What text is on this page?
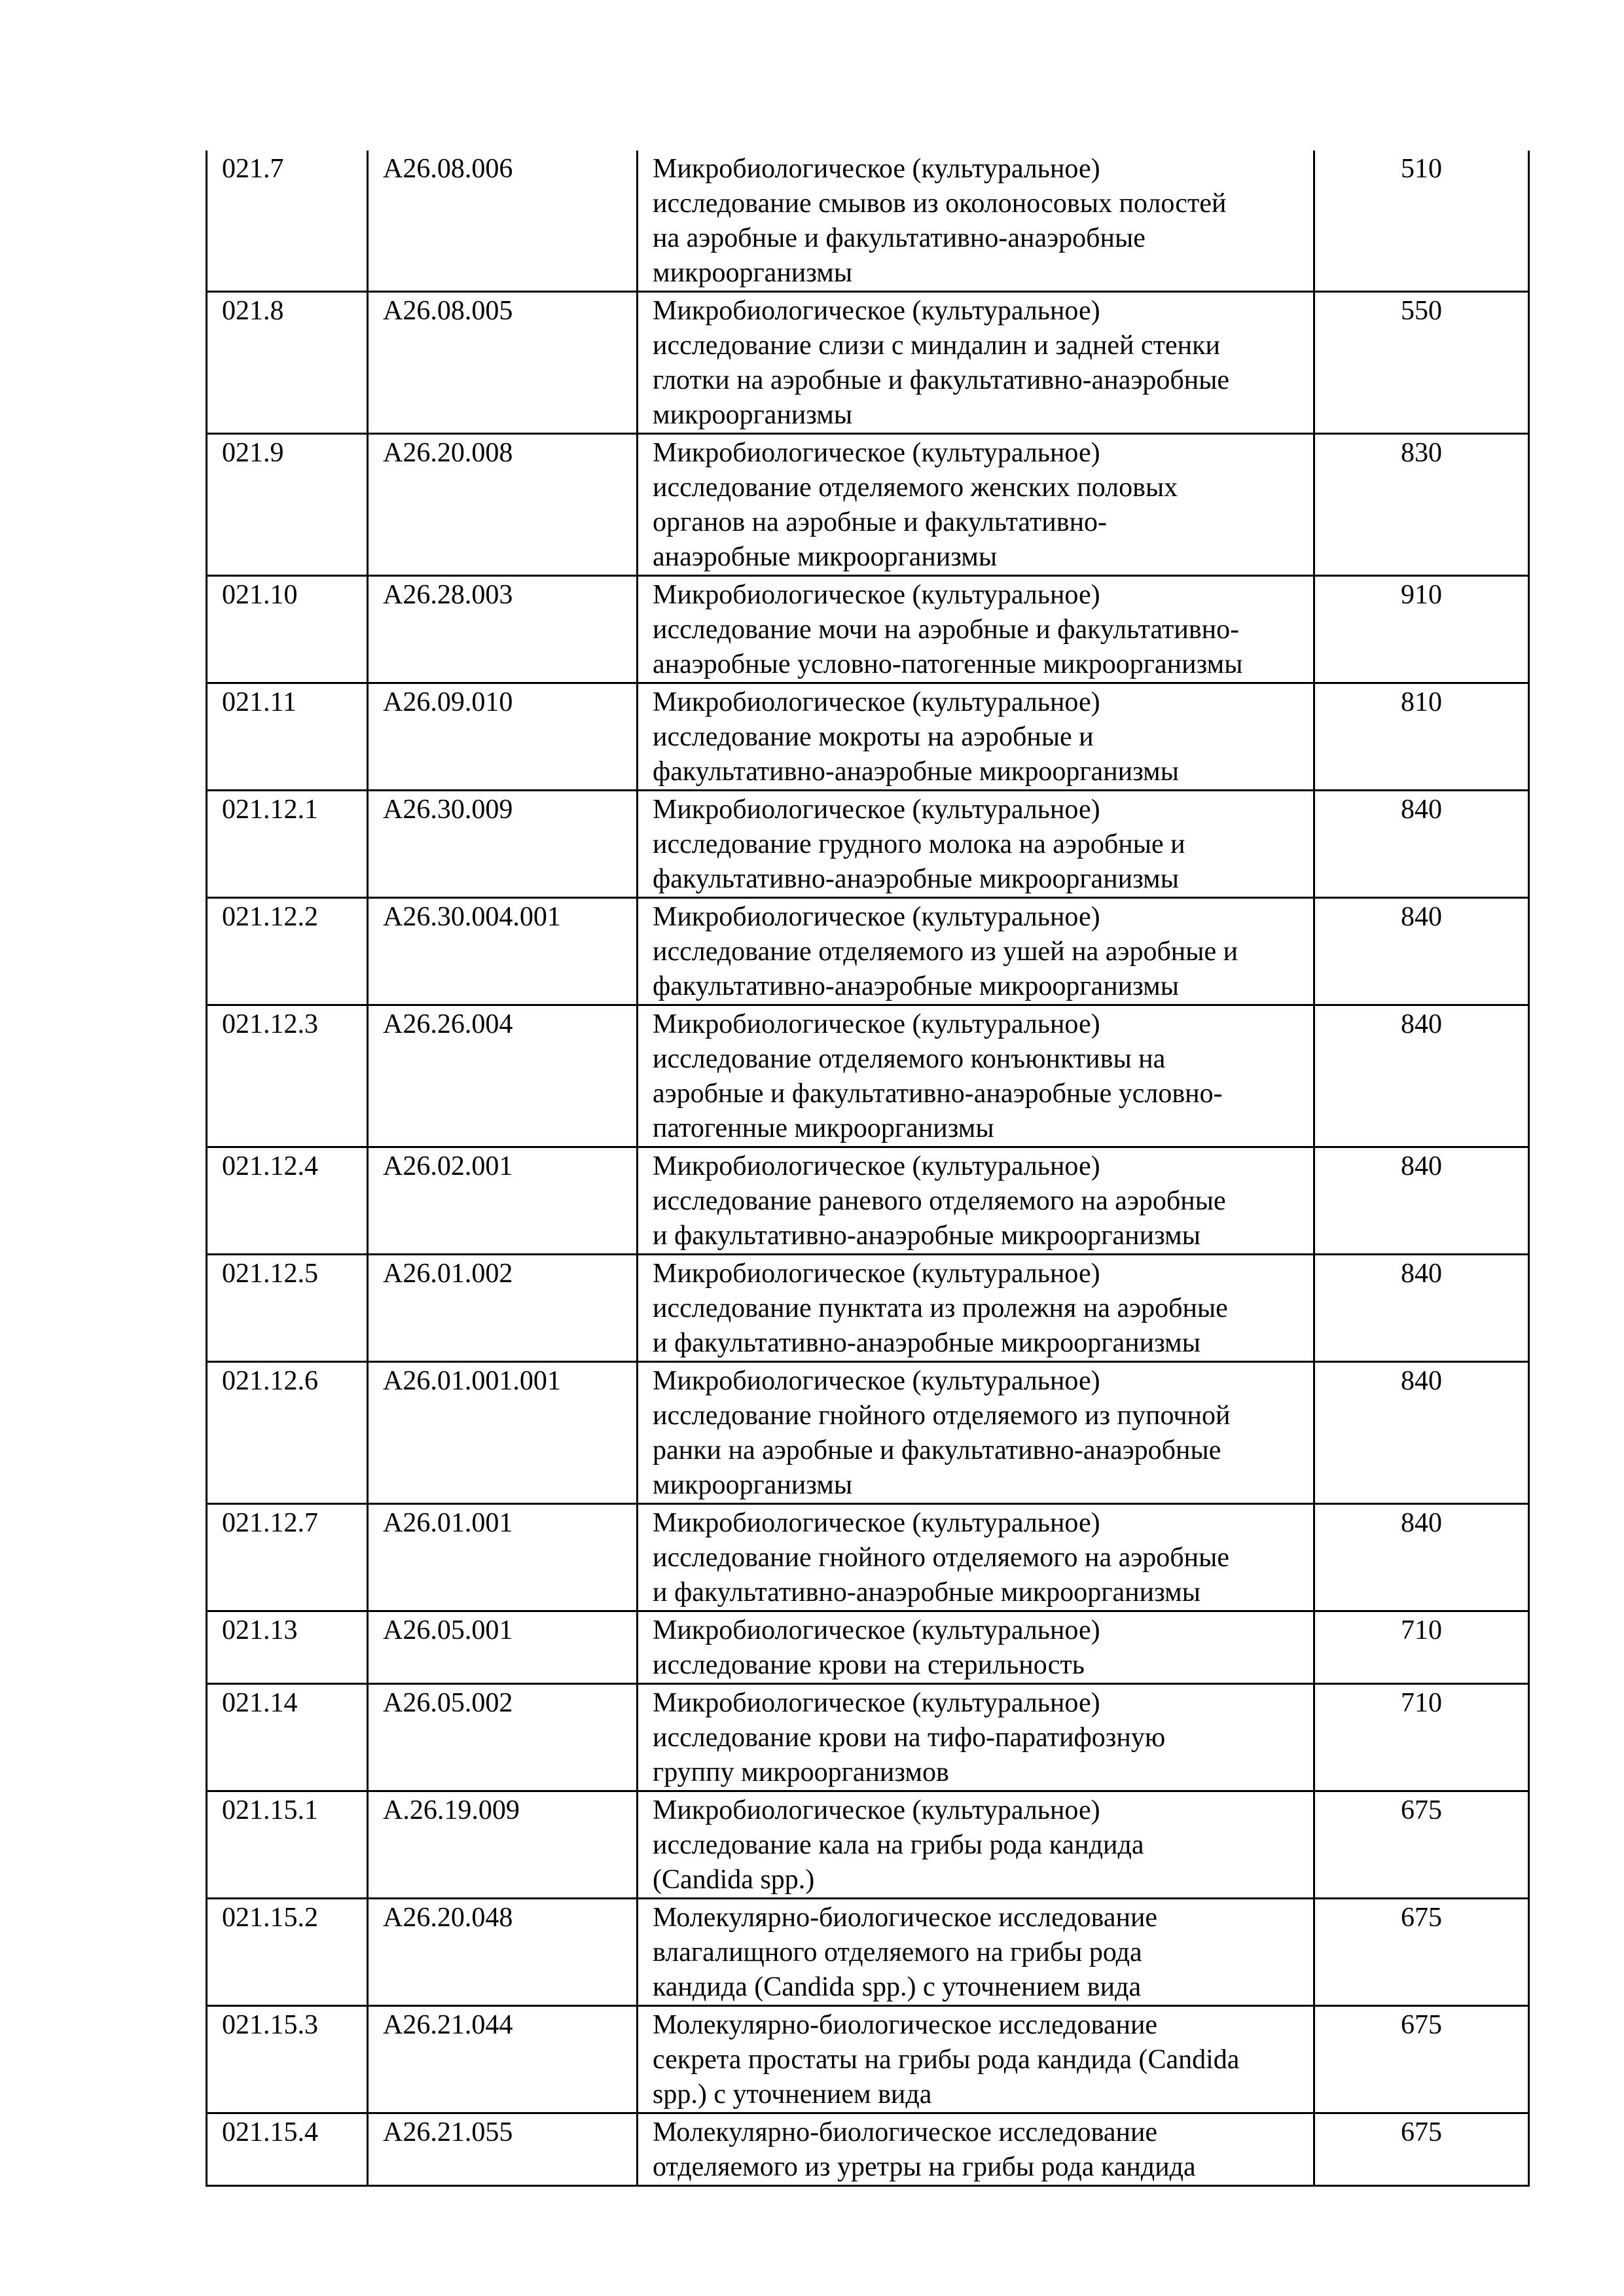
021.7	A26.08.006	Микробиологическое (культуральное)
исследование смывов из околоносовых полостей
на аэробные и факультативно-анаэробные
микроорганизмы	510
021.8	A26.08.005	Микробиологическое (культуральное)
исследование слизи с миндалин и задней стенки
глотки на аэробные и факультативно-анаэробные
микроорганизмы	550
021.9	A26.20.008	Микробиологическое (культуральное)
исследование отделяемого женских половых
органов на аэробные и факультативно-
анаэробные микроорганизмы	830
021.10	A26.28.003	Микробиологическое (культуральное)
исследование мочи на аэробные и факультативно-
анаэробные условно-патогенные микроорганизмы	910
021.11	A26.09.010	Микробиологическое (культуральное)
исследование мокроты на аэробные и
факультативно-анаэробные микроорганизмы	810
021.12.1	A26.30.009	Микробиологическое (культуральное)
исследование грудного молока на аэробные и
факультативно-анаэробные микроорганизмы	840
021.12.2	A26.30.004.001	Микробиологическое (культуральное)
исследование отделяемого из ушей на аэробные и
факультативно-анаэробные микроорганизмы	840
021.12.3	A26.26.004	Микробиологическое (культуральное)
исследование отделяемого конъюнктивы на
аэробные и факультативно-анаэробные условно-
патогенные микроорганизмы	840
021.12.4	A26.02.001	Микробиологическое (культуральное)
исследование раневого отделяемого на аэробные
и факультативно-анаэробные микроорганизмы	840
021.12.5	A26.01.002	Микробиологическое (культуральное)
исследование пунктата из пролежня на аэробные
и факультативно-анаэробные микроорганизмы	840
021.12.6	A26.01.001.001	Микробиологическое (культуральное)
исследование гнойного отделяемого из пупочной
ранки на аэробные и факультативно-анаэробные
микроорганизмы	840
021.12.7	A26.01.001	Микробиологическое (культуральное)
исследование гнойного отделяемого на аэробные
и факультативно-анаэробные микроорганизмы	840
021.13	A26.05.001	Микробиологическое (культуральное)
исследование крови на стерильность	710
021.14	A26.05.002	Микробиологическое (культуральное)
исследование крови на тифо-паратифозную
группу микроорганизмов	710
021.15.1	A.26.19.009	Микробиологическое (культуральное)
исследование кала на грибы рода кандида
(Candida spp.)	675
021.15.2	A26.20.048	Молекулярно-биологическое исследование
влагалищного отделяемого на грибы рода
кандида (Candida spp.) с уточнением вида	675
021.15.3	A26.21.044	Молекулярно-биологическое исследование
секрета простаты на грибы рода кандида (Candida
spp.) с уточнением вида	675
021.15.4	A26.21.055	Молекулярно-биологическое исследование
отделяемого из уретры на грибы рода кандида	675
